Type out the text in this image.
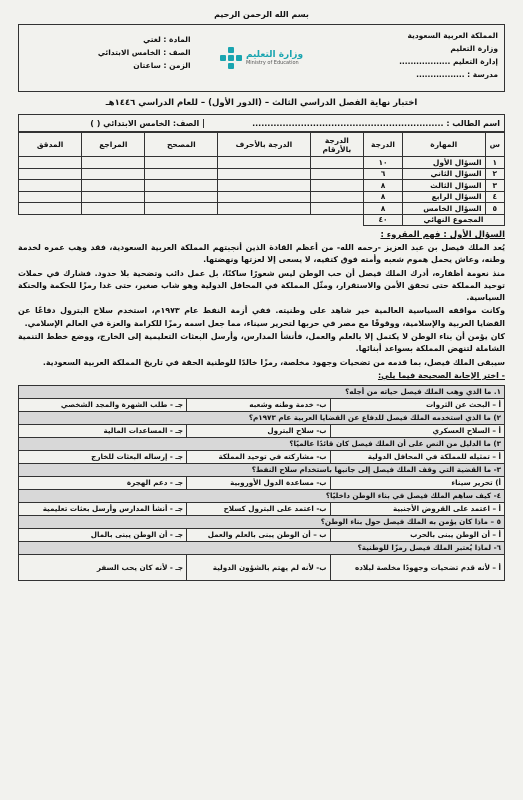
بسم الله الرحمن الرحيم
المملكة العربية السعودية
وزارة التعليم
إدارة التعليم ..................
مدرسة : .................
وزارة التعليم
Ministry of Education
المادة : لغتي
الصف : الخامس الابتدائي
الزمن : ساعتان
اختبار نهاية الفصل الدراسي الثالث – (الدور الأول) – للعام الدراسي ١٤٤٦هـ
اسم الطالب : ...............................................................
الصف: الخامس الابتدائي ( )
س	المهارة	الدرجة	الدرجة بالأرقام	الدرجة بالأحرف	المصحح	المراجع	المدقق
١	السؤال الأول	١٠					
٢	السؤال الثاني	٦					
٣	السؤال الثالث	٨					
٤	السؤال الرابع	٨					
٥	السؤال الخامس	٨					
المجموع النهائي		٤٠					
السؤال الأول : فهم المقروء :

يُعد الملك فيصل بن عبد العزيز -رحمه الله- من أعظم القادة الذين أنجبتهم المملكة العربية السعودية، فقد وهب عمره لخدمة وطنه، وعاش يحمل هموم شعبه وأمته فوق كتفيه، لا يسعى إلا لعزتها ونهضتها.

منذ نعومة أظفاره، أدرك الملك فيصل أن حب الوطن ليس شعورًا ساكنًا، بل عمل دائب وتضحية بلا حدود. فشارك في حملات توحيد المملكة حتى تحقق الأمن والاستقرار، ومثّل المملكة في المحافل الدولية وهو شاب صغير، حتى غدا رمزًا للحكمة والحنكة السياسية.

وكانت مواقفه السياسية العالمية خير شاهد على وطنيته. ففي أزمة النفط عام ١٩٧٣م، استخدم سلاح البترول دفاعًا عن القضايا العربية والإسلامية، ووقوفًا مع مصر في حربها لتحرير سيناء، مما جعل اسمه رمزًا للكرامة والعزة في العالم الإسلامي.

كان يؤمن أن بناء الوطن لا يكتمل إلا بالعلم والعمل، فأنشأ المدارس، وأرسل البعثات التعليمية إلى الخارج، ووضع خطط التنمية الشاملة لتنهض المملكة بسواعد أبنائها.

سيبقى الملك فيصل، بما قدمه من تضحيات وجهود مخلصة، رمزًا خالدًا للوطنية الحقة في تاريخ المملكة العربية السعودية.

- اختر الإجابة الصحيحة فيما يلي:
١. ما الذي وهب الملك فيصل حياته من أجله؟		
أ – البحث عن الثروات	ب- خدمة وطنه وشعبه	جـ - طلب الشهرة والمجد الشخصي
٢) ما الذي استخدمه الملك فيصل للدفاع عن القضايا العربية عام ١٩٧٣م؟		
أ – السلاح العسكري	ب- سلاح البترول	جـ - المساعدات المالية
٣) ما الدليل من النص على أن الملك فيصل كان قائدًا عالميًا؟		
أ – تمثيله للمملكة في المحافل الدولية	ب- مشاركته في توحيد المملكة	جـ - إرساله البعثات للخارج
٣- ما القضية التي وقف الملك فيصل إلى جانبها باستخدام سلاح النفط؟		
أ) تحرير سيناء	ب- مساعدة الدول الأوروبية	جـ - دعم الهجرة
٤- كيف ساهم الملك فيصل في بناء الوطن داخليًا؟		
أ – اعتمد على القروض الأجنبية	ب- اعتمد على البترول كسلاح	جـ - أنشأ المدارس وأرسل بعثات تعليمية
٥ – ماذا كان يؤمن به الملك فيصل حول بناء الوطن؟		
أ – أن الوطن يبنى بالحرب	ب – أن الوطن يبنى بالعلم والعمل	جـ - أن الوطن يبنى بالمال
٦- لماذا يُعتبر الملك فيصل رمزًا للوطنية؟		
أ – لأنه قدم تضحيات وجهودًا مخلصة لبلاده	ب- لأنه لم يهتم بالشؤون الدولية	جـ - لأنه كان يحب السفر
